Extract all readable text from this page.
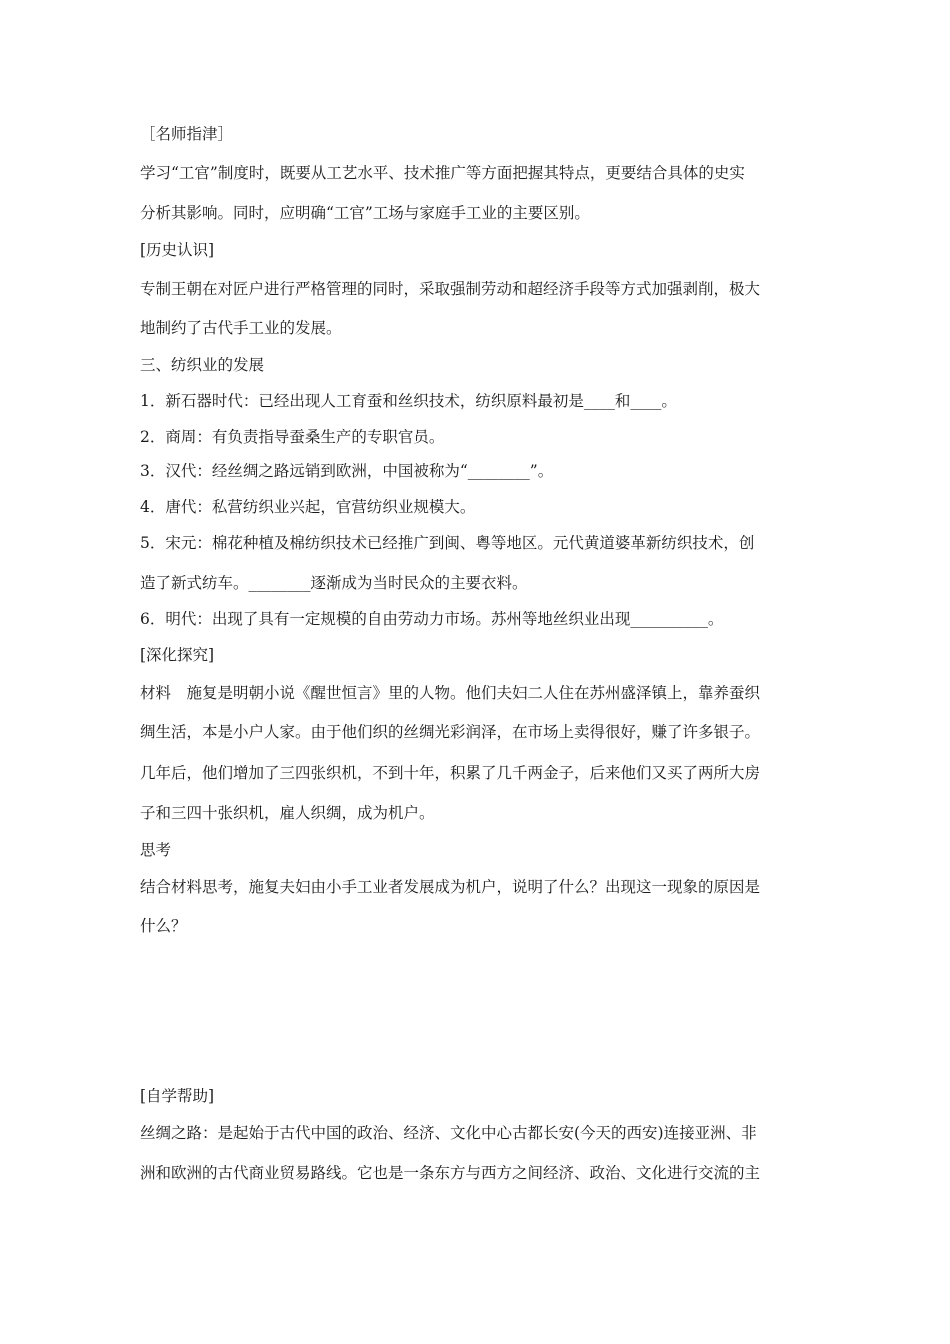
［名师指津］
学习“工官”制度时，既要从工艺水平、技术推广等方面把握其特点，更要结合具体的史实
分析其影响。同时，应明确“工官”工场与家庭手工业的主要区别。
[历史认识]
专制王朝在对匠户进行严格管理的同时，采取强制劳动和超经济手段等方式加强剥削，极大
地制约了古代手工业的发展。
三、纺织业的发展
1．新石器时代：已经出现人工育蚕和丝织技术，纺织原料最初是____和____。
2．商周：有负责指导蚕桑生产的专职官员。
3．汉代：经丝绸之路远销到欧洲，中国被称为“________”。
4．唐代：私营纺织业兴起，官营纺织业规模大。
5．宋元：棉花种植及棉纺织技术已经推广到闽、粤等地区。元代黄道婆革新纺织技术，创
造了新式纺车。________逐渐成为当时民众的主要衣料。
6．明代：出现了具有一定规模的自由劳动力市场。苏州等地丝织业出现__________。
[深化探究]
材料　施复是明朝小说《醒世恒言》里的人物。他们夫妇二人住在苏州盛泽镇上，靠养蚕织
绸生活，本是小户人家。由于他们织的丝绸光彩润泽，在市场上卖得很好，赚了许多银子。
几年后，他们增加了三四张织机，不到十年，积累了几千两金子，后来他们又买了两所大房
子和三四十张织机，雇人织绸，成为机户。
思考
结合材料思考，施复夫妇由小手工业者发展成为机户，说明了什么？出现这一现象的原因是
什么？
[自学帮助]
丝绸之路：是起始于古代中国的政治、经济、文化中心古都长安(今天的西安)连接亚洲、非
洲和欧洲的古代商业贸易路线。它也是一条东方与西方之间经济、政治、文化进行交流的主
